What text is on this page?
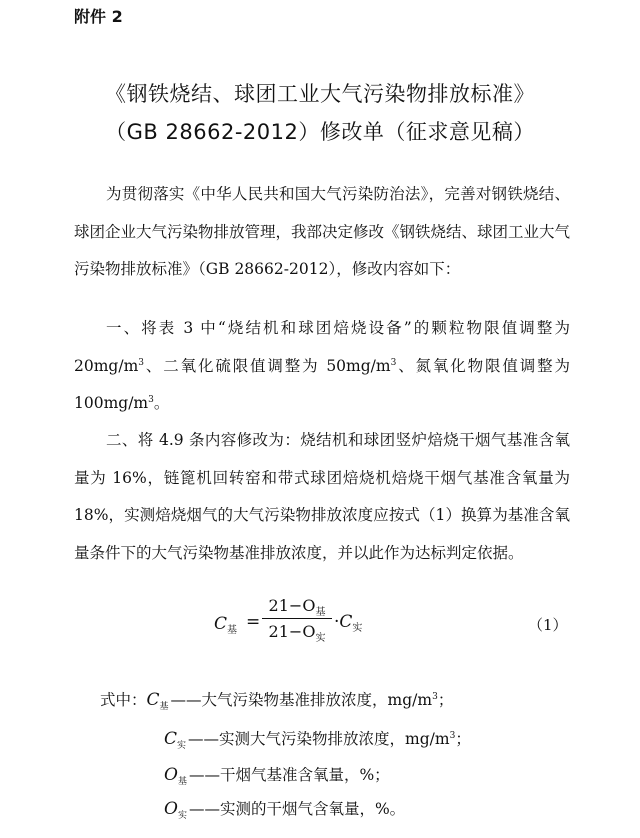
附件 2
《钢铁烧结、球团工业大气污染物排放标准》
（GB 28662-2012）修改单（征求意见稿）
为贯彻落实《中华人民共和国大气污染防治法》，完善对钢铁烧结、球团企业大气污染物排放管理，我部决定修改《钢铁烧结、球团工业大气污染物排放标准》（GB 28662-2012），修改内容如下：
一、将表 3 中“烧结机和球团焙烧设备”的颗粒物限值调整为 $20mg/m^3$、二氧化硫限值调整为 $50mg/m^3$、氮氧化物限值调整为 $100mg/m^3$。
二、将 4.9 条内容修改为：烧结机和球团竖炉焙烧干烟气基准含氧量为 16%，链篦机回转窑和带式球团焙烧机焙烧干烟气基准含氧量为 18%，实测焙烧烟气的大气污染物排放浓度应按式（1）换算为基准含氧量条件下的大气污染物基准排放浓度，并以此作为达标判定依据。
$C_基$ =
$21-O_基$
$21-O_实$
$\cdot C_实$	（1）
式中：$C_基$ ——大气污染物基准排放浓度，$mg/m^3$；
$C_实$ ——实测大气污染物排放浓度，$mg/m^3$；
$O_基$ ——干烟气基准含氧量，%；
$O_实$ ——实测的干烟气含氧量，%。
